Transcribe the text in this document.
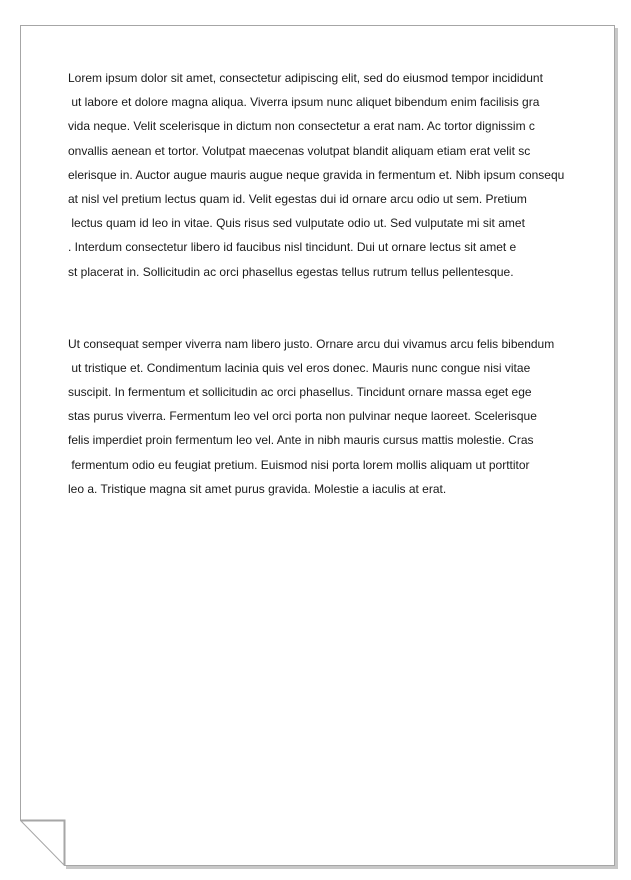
Lorem ipsum dolor sit amet, consectetur adipiscing elit, sed do eiusmod tempor incididunt
ut labore et dolore magna aliqua. Viverra ipsum nunc aliquet bibendum enim facilisis gra
vida neque. Velit scelerisque in dictum non consectetur a erat nam. Ac tortor dignissim c
onvallis aenean et tortor. Volutpat maecenas volutpat blandit aliquam etiam erat velit sc
elerisque in. Auctor augue mauris augue neque gravida in fermentum et. Nibh ipsum consequ
at nisl vel pretium lectus quam id. Velit egestas dui id ornare arcu odio ut sem. Pretium
lectus quam id leo in vitae. Quis risus sed vulputate odio ut. Sed vulputate mi sit amet
. Interdum consectetur libero id faucibus nisl tincidunt. Dui ut ornare lectus sit amet e
st placerat in. Sollicitudin ac orci phasellus egestas tellus rutrum tellus pellentesque.
Ut consequat semper viverra nam libero justo. Ornare arcu dui vivamus arcu felis bibendum
ut tristique et. Condimentum lacinia quis vel eros donec. Mauris nunc congue nisi vitae
suscipit. In fermentum et sollicitudin ac orci phasellus. Tincidunt ornare massa eget ege
stas purus viverra. Fermentum leo vel orci porta non pulvinar neque laoreet. Scelerisque
felis imperdiet proin fermentum leo vel. Ante in nibh mauris cursus mattis molestie. Cras
fermentum odio eu feugiat pretium. Euismod nisi porta lorem mollis aliquam ut porttitor
leo a. Tristique magna sit amet purus gravida. Molestie a iaculis at erat.
